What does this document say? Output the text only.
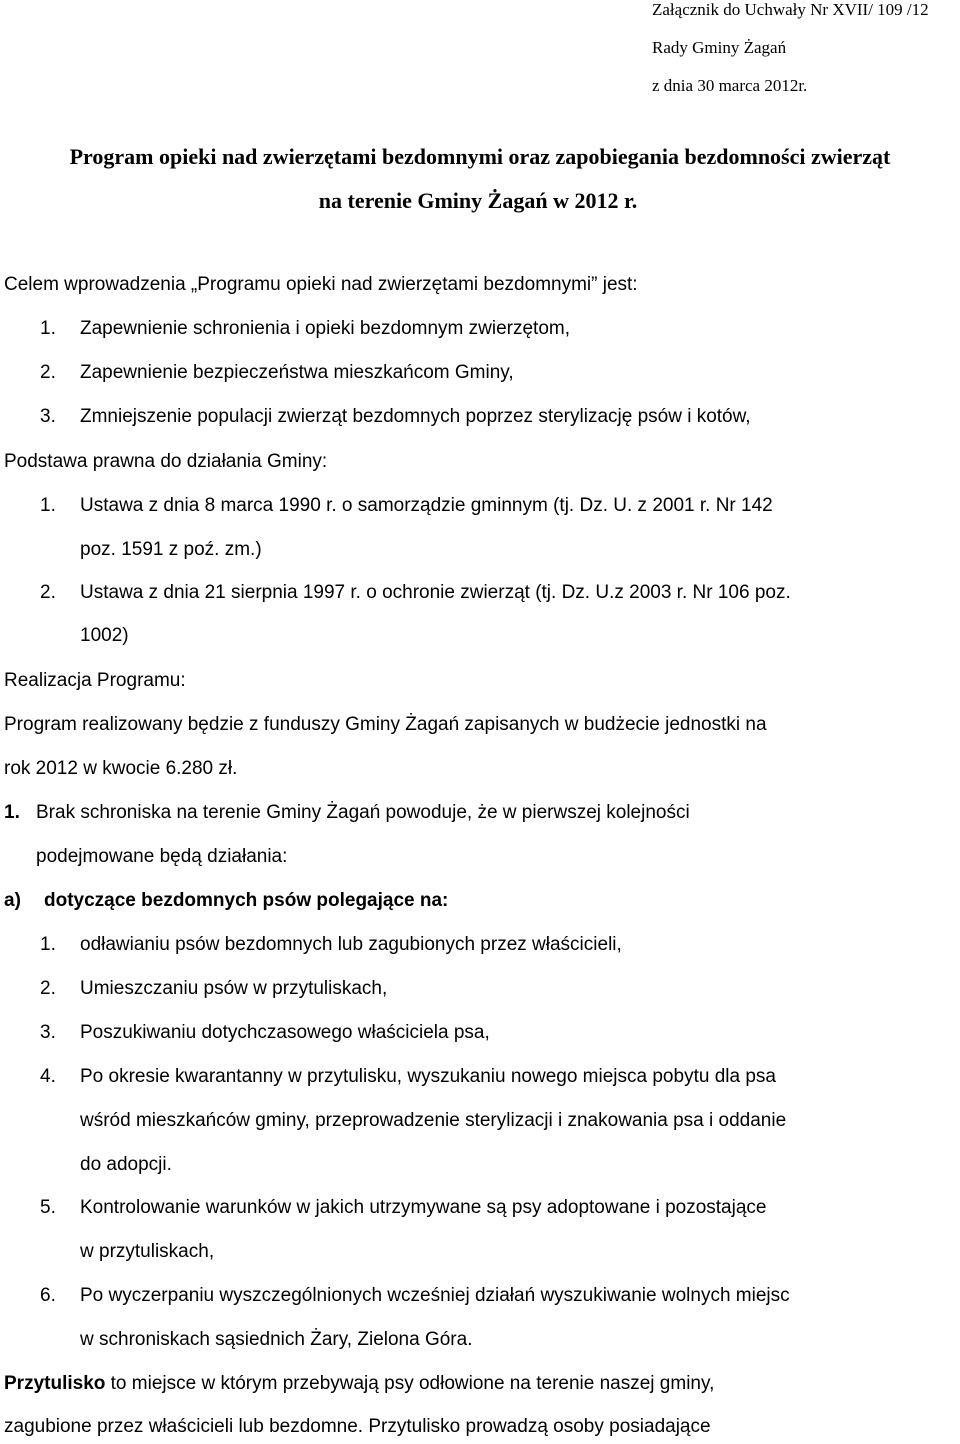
Załącznik do Uchwały Nr XVII/ 109 /12
Rady Gminy Żagań
z dnia 30 marca 2012r.
Program opieki nad zwierzętami bezdomnymi oraz zapobiegania bezdomności zwierząt
na terenie Gminy Żagań w 2012 r.
Celem wprowadzenia „Programu opieki nad zwierzętami bezdomnymi” jest:
1. Zapewnienie schronienia i opieki bezdomnym zwierzętom,
2. Zapewnienie bezpieczeństwa mieszkańcom Gminy,
3. Zmniejszenie populacji zwierząt bezdomnych poprzez sterylizację psów i kotów,
Podstawa prawna do działania Gminy:
1. Ustawa z dnia 8 marca 1990 r. o samorządzie gminnym (tj. Dz. U. z 2001 r. Nr 142
poz. 1591 z poź. zm.)
2. Ustawa z dnia 21 sierpnia 1997 r. o ochronie zwierząt (tj. Dz. U.z 2003 r. Nr 106 poz.
1002)
Realizacja Programu:
Program realizowany będzie z funduszy Gminy Żagań zapisanych w budżecie jednostki na
rok 2012 w kwocie 6.280 zł.
1. Brak schroniska na terenie Gminy Żagań powoduje, że w pierwszej kolejności
podejmowane będą działania:
a) dotyczące bezdomnych psów polegające na:
1. odławianiu psów bezdomnych lub zagubionych przez właścicieli,
2. Umieszczaniu psów w przytuliskach,
3. Poszukiwaniu dotychczasowego właściciela psa,
4. Po okresie kwarantanny w przytulisku, wyszukaniu nowego miejsca pobytu dla psa
wśród mieszkańców gminy, przeprowadzenie sterylizacji i znakowania psa i oddanie
do adopcji.
5. Kontrolowanie warunków w jakich utrzymywane są psy adoptowane i pozostające
w przytuliskach,
6. Po wyczerpaniu wyszczególnionych wcześniej działań wyszukiwanie wolnych miejsc
w schroniskach sąsiednich Żary, Zielona Góra.
Przytulisko to miejsce w którym przebywają psy odłowione na terenie naszej gminy,
zagubione przez właścicieli lub bezdomne. Przytulisko prowadzą osoby posiadające
